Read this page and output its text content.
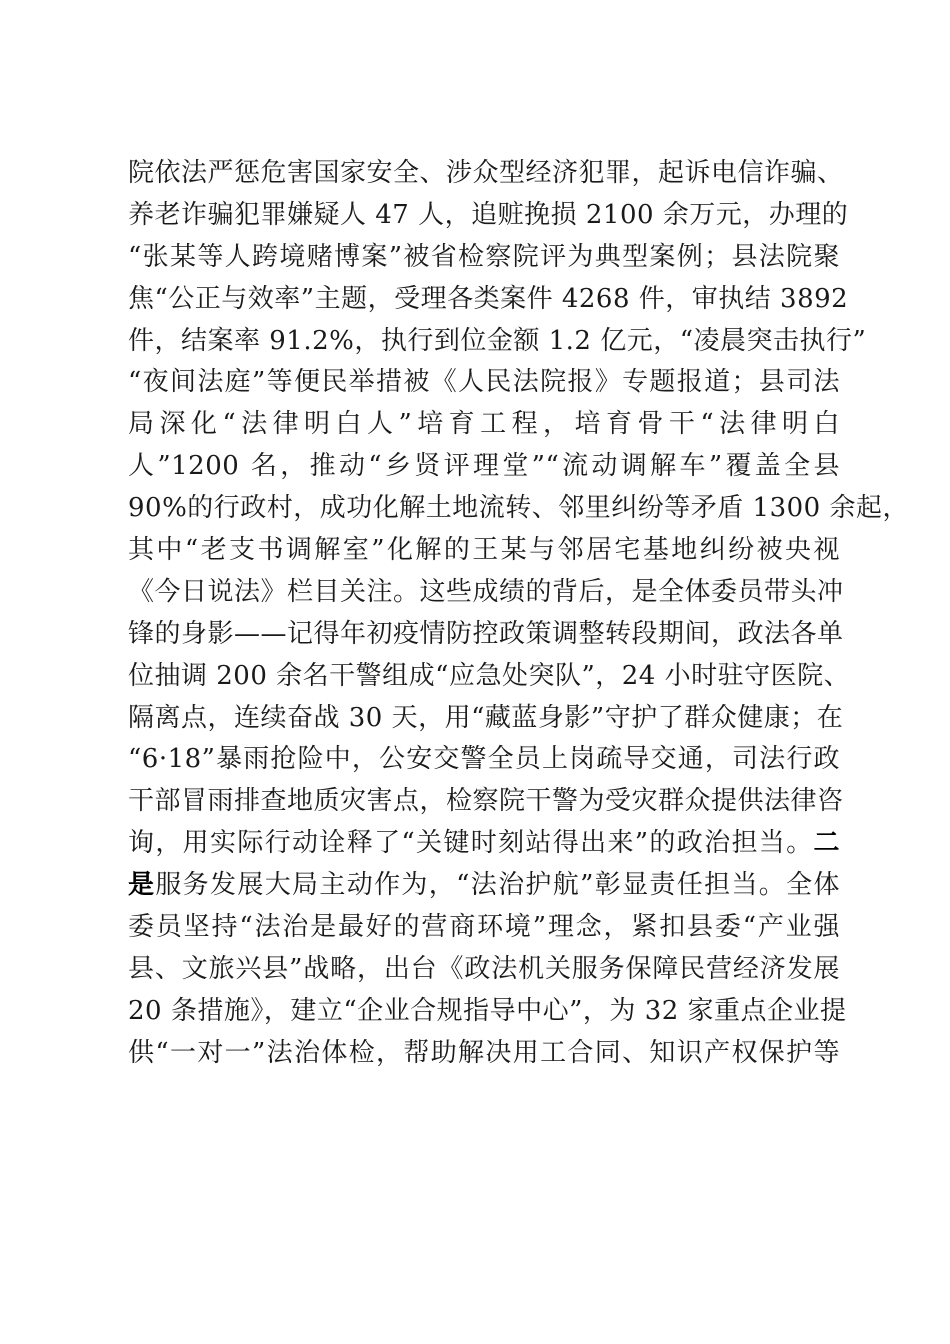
院依法严惩危害国家安全、涉众型经济犯罪，起诉电信诈骗、
养老诈骗犯罪嫌疑人 47 人，追赃挽损 2100 余万元，办理的
“张某等人跨境赌博案”被省检察院评为典型案例；县法院聚
焦“公正与效率”主题，受理各类案件 4268 件，审执结 3892
件，结案率 91.2%，执行到位金额 1.2 亿元，“凌晨突击执行”
“夜间法庭”等便民举措被《人民法院报》专题报道；县司法
局深化“法律明白人”培育工程，培育骨干“法律明白
人”1200 名，推动“乡贤评理堂”“流动调解车”覆盖全县
90%的行政村，成功化解土地流转、邻里纠纷等矛盾 1300 余起，
其中“老支书调解室”化解的王某与邻居宅基地纠纷被央视
《今日说法》栏目关注。这些成绩的背后，是全体委员带头冲
锋的身影——记得年初疫情防控政策调整转段期间，政法各单
位抽调 200 余名干警组成“应急处突队”，24 小时驻守医院、
隔离点，连续奋战 30 天，用“藏蓝身影”守护了群众健康；在
“6·18”暴雨抢险中，公安交警全员上岗疏导交通，司法行政
干部冒雨排查地质灾害点，检察院干警为受灾群众提供法律咨
询，用实际行动诠释了“关键时刻站得出来”的政治担当。二
是服务发展大局主动作为，“法治护航”彰显责任担当。全体
委员坚持“法治是最好的营商环境”理念，紧扣县委“产业强
县、文旅兴县”战略，出台《政法机关服务保障民营经济发展
20 条措施》，建立“企业合规指导中心”，为 32 家重点企业提
供“一对一”法治体检，帮助解决用工合同、知识产权保护等
